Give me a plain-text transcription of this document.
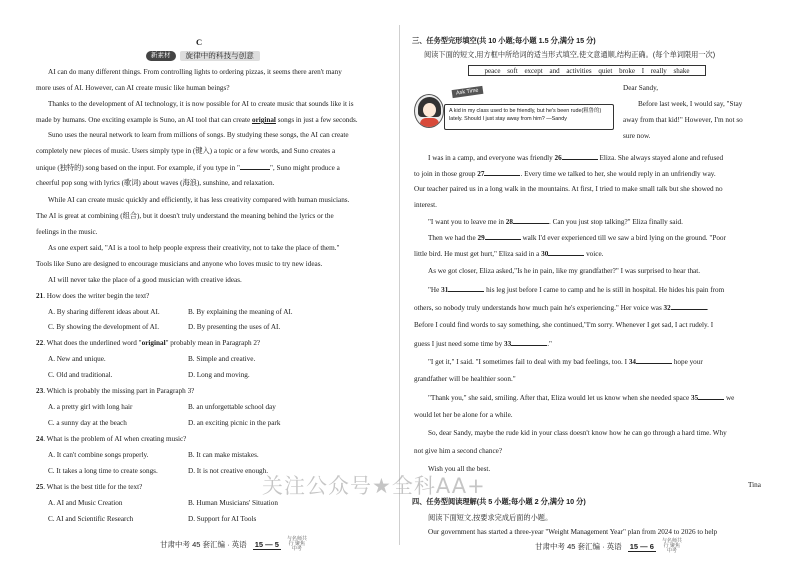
C
新素材	旋律中的科技与创意
AI can do many different things. From controlling lights to ordering pizzas, it seems there aren't many
more uses of AI. However, can AI create music like human beings?
Thanks to the development of AI technology, it is now possible for AI to create music that sounds like it is
made by humans. One exciting example is Suno, an AI tool that can create original songs in just a few seconds.
Suno uses the neural network to learn from millions of songs. By studying these songs, the AI can create
completely new pieces of music. Users simply type in (键入) a topic or a few words, and Suno creates a
unique (独特的) song based on the input. For example, if you type in "	", Suno might produce a
cheerful pop song with lyrics (歌词) about waves (海浪), sunshine, and relaxation.
While AI can create music quickly and efficiently, it has less creativity compared with human musicians.
The AI is great at combining (组合), but it doesn't truly understand the meaning behind the lyrics or the
feelings in the music.
As one expert said, "AI is a tool to help people express their creativity, not to take the place of them."
Tools like Suno are designed to encourage musicians and anyone who loves music to try new ideas.
AI will never take the place of a good musician with creative ideas.
21. How does the writer begin the text?
A. By sharing different ideas about AI.	B. By explaining the meaning of AI.
C. By showing the development of AI.	D. By presenting the uses of AI.
22. What does the underlined word "original" probably mean in Paragraph 2?
A. New and unique.	B. Simple and creative.
C. Old and traditional.	D. Long and moving.
23. Which is probably the missing part in Paragraph 3?
A. a pretty girl with long hair	B. an unforgettable school day
C. a sunny day at the beach	D. an exciting picnic in the park
24. What is the problem of AI when creating music?
A. It can't combine songs properly.	B. It can make mistakes.
C. It takes a long time to create songs.	D. It is not creative enough.
25. What is the best title for the text?
A. AI and Music Creation	B. Human Musicians' Situation
C. AI and Scientific Research	D. Support for AI Tools
甘肃中考 45 套汇编 · 英语 15 — 5
与名师共行 聚焦中考
三、任务型完形填空(共 10 小题;每小题 1.5 分,满分 15 分)
阅读下面的短文,用方框中所给词的适当形式填空,使文意通顺,结构正确。(每个单词限用一次)
peace soft except and activities quiet broke I really shake
Ask Time
A kid in my class used to be friendly, but he's been rude(粗鲁的) lately. Should I just stay away from him? —Sandy
Dear Sandy,
Before last week, I would say, "Stay
away from that kid!" However, I'm not so
sure now.
I was in a camp, and everyone was friendly 26	Eliza. She always stayed alone and refused
to join in those group 27	. Every time we talked to her, she would reply in an unfriendly way.
Our teacher paired us in a long walk in the mountains. At first, I tried to make small talk but she showed no
interest.
"I want you to leave me in 28	. Can you just stop talking?" Eliza finally said.
Then we had the 29	walk I'd ever experienced till we saw a bird lying on the ground. "Poor
little bird. He must get hurt," Eliza said in a 30	voice.
As we got closer, Eliza asked,"Is he in pain, like my grandfather?" I was surprised to hear that.
"He 31	his leg just before I came to camp and he is still in hospital. He hides his pain from
others, so nobody truly understands how much pain he's experiencing." Her voice was 32	.
Before I could find words to say something, she continued,"I'm sorry. Whenever I get sad, I act rudely. I
guess I just need some time by 33	."
"I get it," I said. "I sometimes fail to deal with my bad feelings, too. I 34	hope your
grandfather will be healthier soon."
"Thank you," she said, smiling. After that, Eliza would let us know when she needed space 35	we
would let her be alone for a while.
So, dear Sandy, maybe the rude kid in your class doesn't know how he can go through a hard time. Why
not give him a second chance?
Wish you all the best.
Tina
四、任务型阅读理解(共 5 小题;每小题 2 分,满分 10 分)
阅读下面短文,按要求完成后面的小题。
Our government has started a three-year "Weight Management Year" plan from 2024 to 2026 to help
甘肃中考 45 套汇编 · 英语 15 — 6
与名师共行 聚焦中考
关注公众号★全科AA+
